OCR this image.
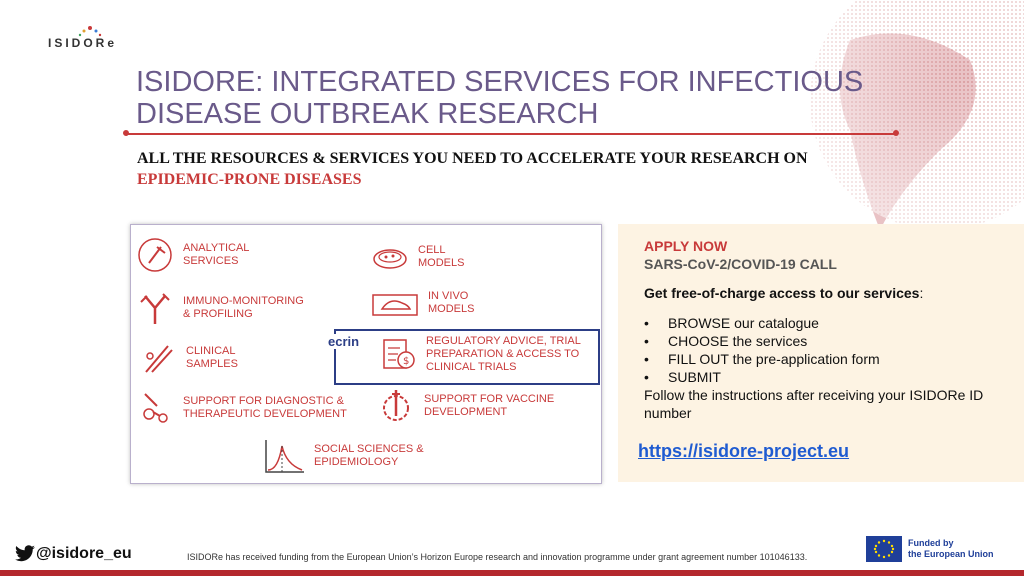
ISIDORe
ISIDORE: INTEGRATED SERVICES FOR INFECTIOUS DISEASE OUTBREAK RESEARCH
ALL THE RESOURCES & SERVICES YOU NEED TO ACCELERATE YOUR RESEARCH ON EPIDEMIC-PRONE DISEASES
ANALYTICAL
SERVICES
CELL
MODELS
IMMUNO-MONITORING
& PROFILING
IN VIVO
MODELS
CLINICAL
SAMPLES
ecrin
$
REGULATORY ADVICE, TRIAL
PREPARATION & ACCESS TO
CLINICAL TRIALS
SUPPORT FOR DIAGNOSTIC &
THERAPEUTIC DEVELOPMENT
SUPPORT FOR VACCINE
DEVELOPMENT
SOCIAL SCIENCES &
EPIDEMIOLOGY
APPLY NOW
SARS-CoV-2/COVID-19 CALL
Get free-of-charge access to our services:
• BROWSE our catalogue
• CHOOSE the services
• FILL OUT the pre-application form
• SUBMIT
Follow the instructions after receiving your ISIDORe ID number
https://isidore-project.eu
@isidore_eu	ISIDORe has received funding from the European Union’s Horizon Europe research and innovation programme under grant agreement number 101046133.
Funded by
the European Union
